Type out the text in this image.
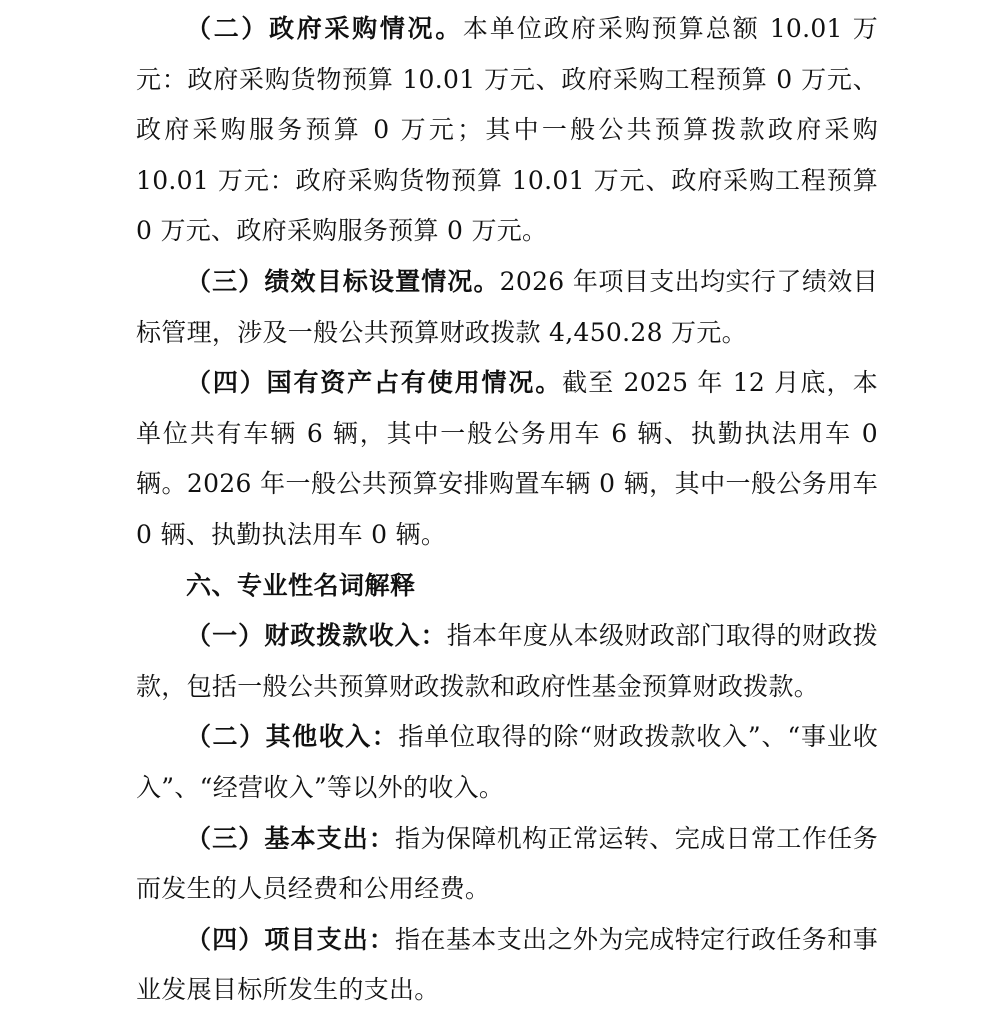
（二）政府采购情况。本单位政府采购预算总额 10.01 万元：政府采购货物预算 10.01 万元、政府采购工程预算 0 万元、政府采购服务预算 0 万元；其中一般公共预算拨款政府采购 10.01 万元：政府采购货物预算 10.01 万元、政府采购工程预算 0 万元、政府采购服务预算 0 万元。

（三）绩效目标设置情况。2026 年项目支出均实行了绩效目标管理，涉及一般公共预算财政拨款 4,450.28 万元。

（四）国有资产占有使用情况。截至 2025 年 12 月底，本单位共有车辆 6 辆，其中一般公务用车 6 辆、执勤执法用车 0 辆。2026 年一般公共预算安排购置车辆 0 辆，其中一般公务用车 0 辆、执勤执法用车 0 辆。

六、专业性名词解释

（一）财政拨款收入：指本年度从本级财政部门取得的财政拨款，包括一般公共预算财政拨款和政府性基金预算财政拨款。

（二）其他收入：指单位取得的除“财政拨款收入”、“事业收入”、“经营收入”等以外的收入。

（三）基本支出：指为保障机构正常运转、完成日常工作任务而发生的人员经费和公用经费。

（四）项目支出：指在基本支出之外为完成特定行政任务和事业发展目标所发生的支出。
